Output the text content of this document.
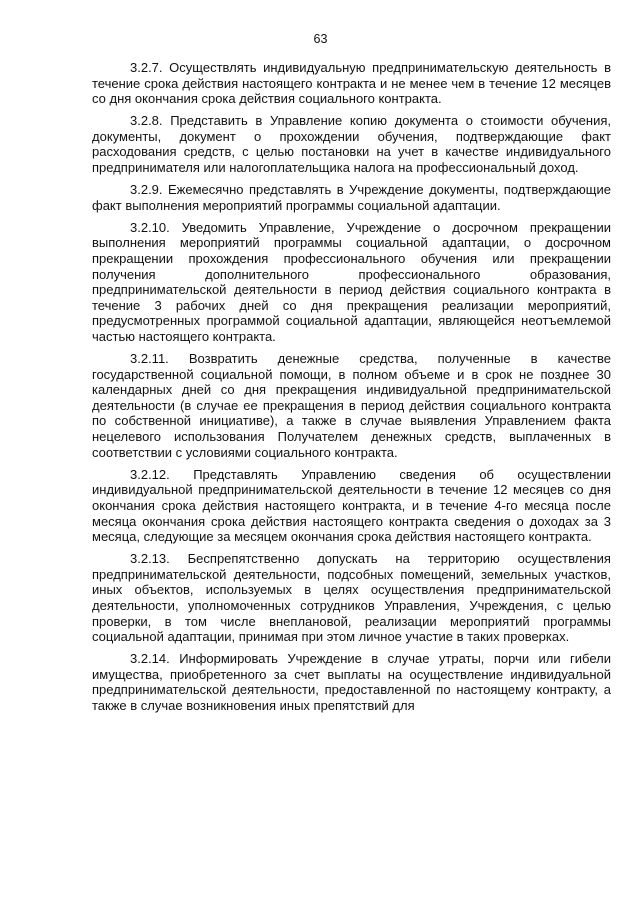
63

3.2.7. Осуществлять индивидуальную предпринимательскую деятельность в течение срока действия настоящего контракта и не менее чем в течение 12 месяцев со дня окончания срока действия социального контракта.

3.2.8. Представить в Управление копию документа о стоимости обучения, документы, документ о прохождении обучения, подтверждающие факт расходования средств, с целью постановки на учет в качестве индивидуального предпринимателя или налогоплательщика налога на профессиональный доход.

3.2.9. Ежемесячно представлять в Учреждение документы, подтверждающие факт выполнения мероприятий программы социальной адаптации.

3.2.10. Уведомить Управление, Учреждение о досрочном прекращении выполнения мероприятий программы социальной адаптации, о досрочном прекращении прохождения профессионального обучения или прекращении получения дополнительного профессионального образования, предпринимательской деятельности в период действия социального контракта в течение 3 рабочих дней со дня прекращения реализации мероприятий, предусмотренных программой социальной адаптации, являющейся неотъемлемой частью настоящего контракта.

3.2.11. Возвратить денежные средства, полученные в качестве государственной социальной помощи, в полном объеме и в срок не позднее 30 календарных дней со дня прекращения индивидуальной предпринимательской деятельности (в случае ее прекращения в период действия социального контракта по собственной инициативе), а также в случае выявления Управлением факта нецелевого использования Получателем денежных средств, выплаченных в соответствии с условиями социального контракта.

3.2.12. Представлять Управлению сведения об осуществлении индивидуальной предпринимательской деятельности в течение 12 месяцев со дня окончания срока действия настоящего контракта, и в течение 4-го месяца после месяца окончания срока действия настоящего контракта сведения о доходах за 3 месяца, следующие за месяцем окончания срока действия настоящего контракта.

3.2.13. Беспрепятственно допускать на территорию осуществления предпринимательской деятельности, подсобных помещений, земельных участков, иных объектов, используемых в целях осуществления предпринимательской деятельности, уполномоченных сотрудников Управления, Учреждения, с целью проверки, в том числе внеплановой, реализации мероприятий программы социальной адаптации, принимая при этом личное участие в таких проверках.

3.2.14. Информировать Учреждение в случае утраты, порчи или гибели имущества, приобретенного за счет выплаты на осуществление индивидуальной предпринимательской деятельности, предоставленной по настоящему контракту, а также в случае возникновения иных препятствий для
